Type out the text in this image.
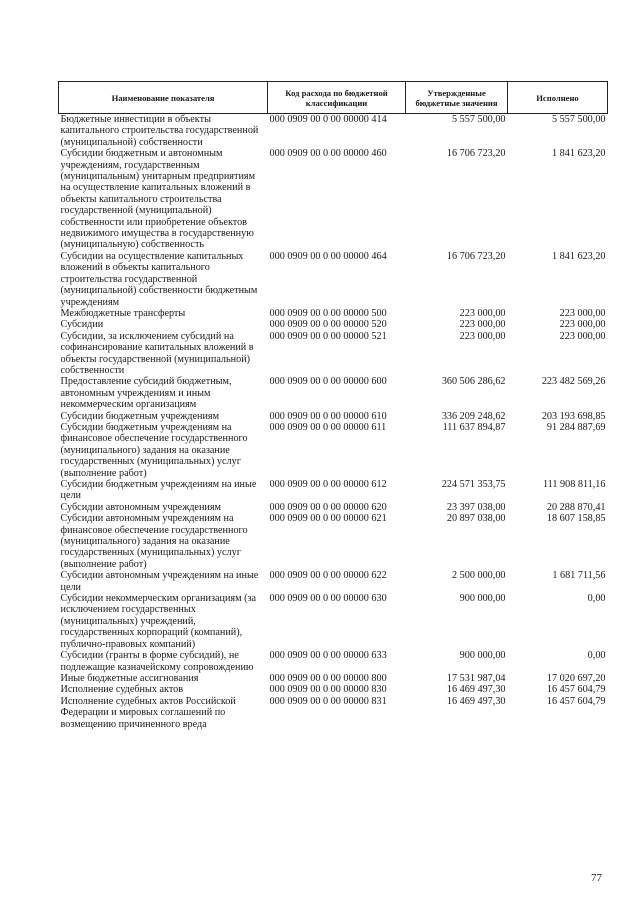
Наименование показателя	Код расхода по бюджетной классификации	Утвержденные бюджетные значения	Исполнено
Бюджетные инвестиции в объекты капитального строительства государственной (муниципальной) собственности	000 0909 00 0 00 00000 414	5 557 500,00	5 557 500,00
Субсидии бюджетным и автономным учреждениям, государственным (муниципальным) унитарным предприятиям на осуществление капитальных вложений в объекты капитального строительства государственной (муниципальной) собственности или приобретение объектов недвижимого имущества в государственную (муниципальную) собственность	000 0909 00 0 00 00000 460	16 706 723,20	1 841 623,20
Субсидии на осуществление капитальных вложений в объекты капитального строительства государственной (муниципальной) собственности бюджетным учреждениям	000 0909 00 0 00 00000 464	16 706 723,20	1 841 623,20
Межбюджетные трансферты	000 0909 00 0 00 00000 500	223 000,00	223 000,00
Субсидии	000 0909 00 0 00 00000 520	223 000,00	223 000,00
Субсидии, за исключением субсидий на софинансирование капитальных вложений в объекты государственной (муниципальной) собственности	000 0909 00 0 00 00000 521	223 000,00	223 000,00
Предоставление субсидий бюджетным, автономным учреждениям и иным некоммерческим организациям	000 0909 00 0 00 00000 600	360 506 286,62	223 482 569,26
Субсидии бюджетным учреждениям	000 0909 00 0 00 00000 610	336 209 248,62	203 193 698,85
Субсидии бюджетным учреждениям на финансовое обеспечение государственного (муниципального) задания на оказание государственных (муниципальных) услуг (выполнение работ)	000 0909 00 0 00 00000 611	111 637 894,87	91 284 887,69
Субсидии бюджетным учреждениям на иные цели	000 0909 00 0 00 00000 612	224 571 353,75	111 908 811,16
Субсидии автономным учреждениям	000 0909 00 0 00 00000 620	23 397 038,00	20 288 870,41
Субсидии автономным учреждениям на финансовое обеспечение государственного (муниципального) задания на оказание государственных (муниципальных) услуг (выполнение работ)	000 0909 00 0 00 00000 621	20 897 038,00	18 607 158,85
Субсидии автономным учреждениям на иные цели	000 0909 00 0 00 00000 622	2 500 000,00	1 681 711,56
Субсидии некоммерческим организациям (за исключением государственных (муниципальных) учреждений, государственных корпораций (компаний), публично-правовых компаний)	000 0909 00 0 00 00000 630	900 000,00	0,00
Субсидии (гранты в форме субсидий), не подлежащие казначейскому сопровождению	000 0909 00 0 00 00000 633	900 000,00	0,00
Иные бюджетные ассигнования	000 0909 00 0 00 00000 800	17 531 987,04	17 020 697,20
Исполнение судебных актов	000 0909 00 0 00 00000 830	16 469 497,30	16 457 604,79
Исполнение судебных актов Российской Федерации и мировых соглашений по возмещению причиненного вреда	000 0909 00 0 00 00000 831	16 469 497,30	16 457 604,79
77
